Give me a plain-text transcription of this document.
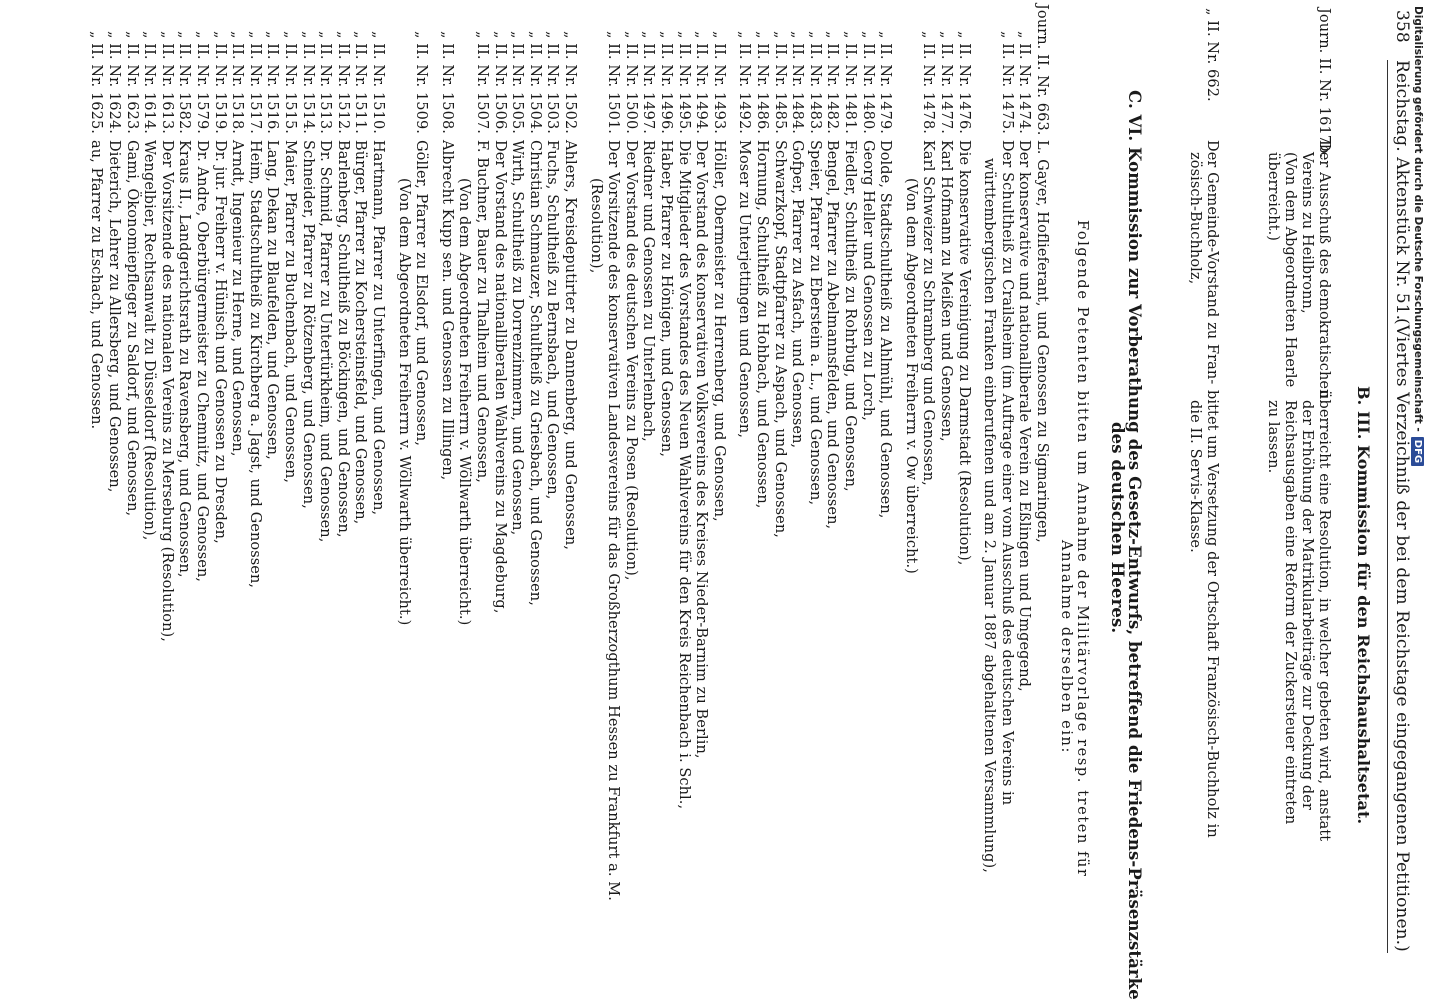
358
Reichstag. Aktenstück Nr. 51.
(Viertes Verzeichniß der bei dem Reichstage eingegangenen Petitionen.)
B. III. Kommission für den Reichshaushaltsetat.
Journ. II. Nr. 1617b.
Der Ausschuß des demokratischen
Vereins zu Heilbronn,
(Von dem Abgeordneten Haerle
überreicht.)
überreicht eine Resolution, in welcher gebeten wird, anstatt
der Erhöhung der Matrikularbeiträge zur Deckung der
Reichsausgaben eine Reform der Zuckersteuer eintreten
zu lassen.
„ II. Nr. 662.
Der Gemeinde-Vorstand zu Fran-
zösisch-Buchholz,
bittet um Versetzung der Ortschaft Französisch-Buchholz in
die II. Servis-Klasse.
C. VI. Kommission zur Vorberathung des Gesetz-Entwurfs, betreffend die Friedens-Präsenzstärke
des deutschen Heeres.
Folgende Petenten bitten um Annahme der Militärvorlage resp. treten für
Annahme derselben ein:
Journ. II. Nr. 663.
L. Gayer, Hoflieferant, und Genossen zu Sigmaringen,
„ II. Nr. 1474.
Der konservative und nationalliberale Verein zu Eßlingen und Umgegend,
„ II. Nr. 1475.
Der Schultheiß zu Crailsheim (im Auftrage einer vom Ausschuß des deutschen Vereins in
württembergischen Franken einberufenen und am 2. Januar 1887 abgehaltenen Versammlung),
„ II. Nr. 1476.
Die konservative Vereinigung zu Darmstadt (Resolution),
„ II. Nr. 1477.
Karl Hofmann zu Meißen und Genossen,
„ II. Nr. 1478.
Karl Schweizer zu Schramberg und Genossen,
(Von dem Abgeordneten Freiherrn v. Ow überreicht.)
„ II. Nr. 1479.
Dolde, Stadtschultheiß zu Ahlmühl, und Genossen,
„ II. Nr. 1480.
Georg Heller und Genossen zu Lorch,
„ II. Nr. 1481.
Fiedler, Schultheiß zu Rohrbug, und Genossen,
„ II. Nr. 1482.
Bengel, Pfarrer zu Abelmannsfelden, und Genossen,
„ II. Nr. 1483.
Speier, Pfarrer zu Eberstein a. L., und Genossen,
„ II. Nr. 1484.
Gofper, Pfarrer zu Asfach, und Genossen,
„ II. Nr. 1485.
Schwarzkopf, Stadtpfarrer zu Aspach, und Genossen,
„ II. Nr. 1486.
Hornung, Schultheiß zu Hohbach, und Genossen,
„ II. Nr. 1492.
Moser zu Unterjettingen und Genossen,
„ II. Nr. 1493.
Höller, Obermeister zu Herrenberg, und Genossen,
„ II. Nr. 1494.
Der Vorstand des konservativen Volksvereins des Kreises Nieder-Barnim zu Berlin,
„ II. Nr. 1495.
Die Mitglieder des Vorstandes des Neuen Wahlvereins für den Kreis Reichenbach i. Schl.,
„ II. Nr. 1496.
Haber, Pfarrer zu Hönigen, und Genossen,
„ II. Nr. 1497.
Riedner und Genossen zu Unterlenbach,
„ II. Nr. 1500.
Der Vorstand des deutschen Vereins zu Posen (Resolution),
„ II. Nr. 1501.
Der Vorsitzende des konservativen Landesvereins für das Großherzogthum Hessen zu Frankfurt a. M.
(Resolution),
„ II. Nr. 1502.
Ahlers, Kreisdeputirter zu Dannenberg, und Genossen,
„ II. Nr. 1503.
Fuchs, Schultheiß zu Bernsbach, und Genossen,
„ II. Nr. 1504.
Christian Schmauzer, Schultheiß zu Griesbach, und Genossen,
„ II. Nr. 1505.
Wirth, Schultheiß zu Dorrenzimmern, und Genossen,
„ II. Nr. 1506.
Der Vorstand des nationalliberalen Wahlvereins zu Magdeburg,
„ II. Nr. 1507.
F. Buchner, Bauer zu Thalheim und Genossen,
(Von dem Abgeordneten Freiherrn v. Wöllwarth überreicht.)
„ II. Nr. 1508.
Albrecht Kupp sen. und Genossen zu Illingen,
„ II. Nr. 1509.
Göller, Pfarrer zu Elsdorf, und Genossen,
(Von dem Abgeordneten Freiherrn v. Wöllwarth überreicht.)
„ II. Nr. 1510.
Hartmann, Pfarrer zu Unterfingen, und Genossen,
„ II. Nr. 1511.
Bürger, Pfarrer zu Kochersteinsfeld, und Genossen,
„ II. Nr. 1512.
Barlenberg, Schultheiß zu Böckingen, und Genossen,
„ II. Nr. 1513.
Dr. Schmid, Pfarrer zu Untertürkheim, und Genossen,
„ II. Nr. 1514.
Schneider, Pfarrer zu Rötzenberg, und Genossen,
„ II. Nr. 1515.
Maier, Pfarrer zu Buchenbach, und Genossen,
„ II. Nr. 1516.
Lang, Dekan zu Blaufelden, und Genossen,
„ II. Nr. 1517.
Heim, Stadtschultheiß zu Kirchberg a. Jagst, und Genossen,
„ II. Nr. 1518.
Arndt, Ingenieur zu Herne, und Genossen,
„ II. Nr. 1519.
Dr. jur. Freiherr v. Hünisch und Genossen zu Dresden,
„ II. Nr. 1579.
Dr. Andre, Oberbürgermeister zu Chemnitz, und Genossen,
„ II. Nr. 1582.
Kraus II., Landgerichtsrath zu Ravensberg, und Genossen,
„ II. Nr. 1613.
Der Vorsitzende des nationalen Vereins zu Merseburg (Resolution),
„ II. Nr. 1614.
Wengelbier, Rechtsanwalt zu Düsseldorf (Resolution),
„ II. Nr. 1623.
Gami, Ökonomiepfleger zu Saldorf, und Genossen,
„ II. Nr. 1624.
Dieterich, Lehrer zu Allersberg, und Genossen,
„ II. Nr. 1625.
au, Pfarrer zu Eschach, und Genossen.	Digitalisierung gefördert durch die Deutsche Forschungsgemeinschaft -DFG
